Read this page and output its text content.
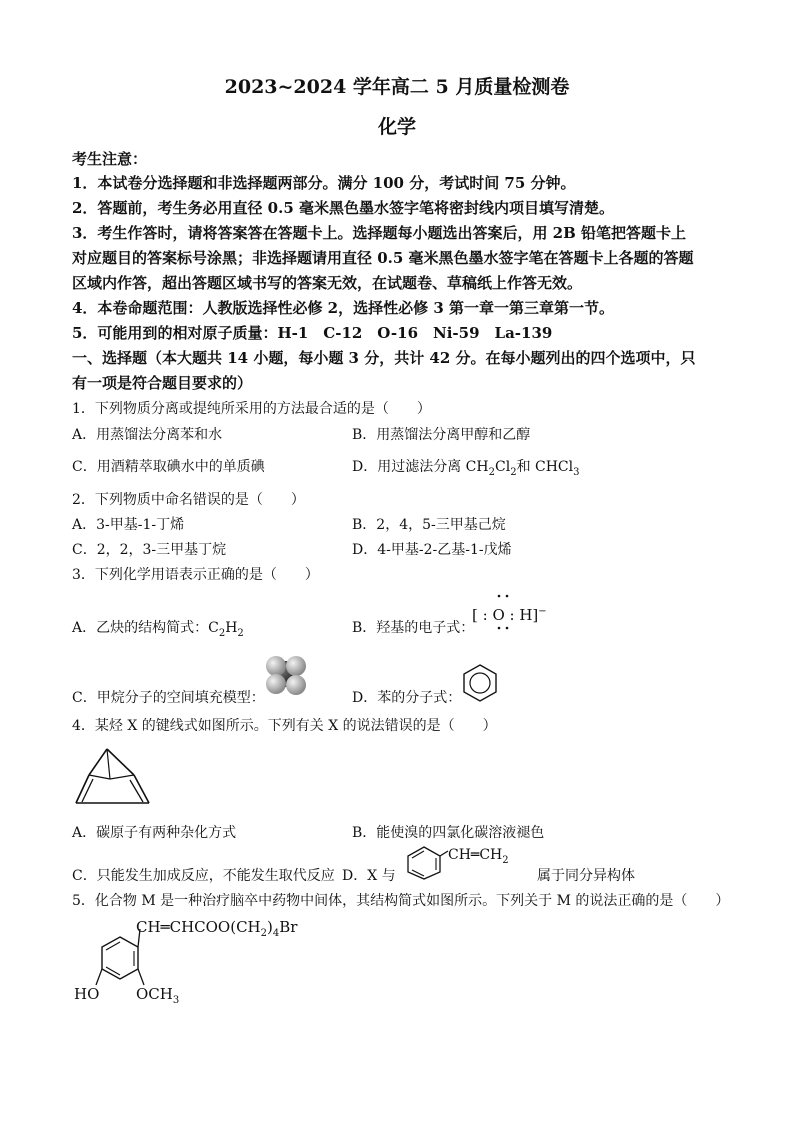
2023~2024 学年高二 5 月质量检测卷
化学
考生注意：
1．本试卷分选择题和非选择题两部分。满分 100 分，考试时间 75 分钟。
2．答题前，考生务必用直径 0.5 毫米黑色墨水签字笔将密封线内项目填写清楚。
3．考生作答时，请将答案答在答题卡上。选择题每小题选出答案后，用 2B 铅笔把答题卡上
对应题目的答案标号涂黑；非选择题请用直径 0.5 毫米黑色墨水签字笔在答题卡上各题的答题
区域内作答，超出答题区域书写的答案无效，在试题卷、草稿纸上作答无效。
4．本卷命题范围：人教版选择性必修 2，选择性必修 3 第一章一第三章第一节。
5．可能用到的相对原子质量：H-1　C-12　O-16　Ni-59　La-139
一、选择题（本大题共 14 小题，每小题 3 分，共计 42 分。在每小题列出的四个选项中，只
有一项是符合题目要求的）
1．下列物质分离或提纯所采用的方法最合适的是（　　）
A．用蒸馏法分离苯和水	B．用蒸馏法分离甲醇和乙醇
C．用酒精萃取碘水中的单质碘	D．用过滤法分离 $CH_2Cl_2$和 CHCl$_3$
2．下列物质中命名错误的是（　　）
A．3-甲基-1-丁烯	B．2，4，5-三甲基己烷
C．2，2，3-三甲基丁烷	D．4-甲基-2-乙基-1-戊烯
3．下列化学用语表示正确的是（　　）
A．乙炔的结构简式：$C_2H_2$	B．羟基的电子式：
[ : O : H]−
C．甲烷分子的空间填充模型：	D．苯的分子式：
4．某烃 X 的键线式如图所示。下列有关 X 的说法错误的是（　　）
A．碳原子有两种杂化方式	B．能使溴的四氯化碳溶液褪色
C．只能发生加成反应，不能发生取代反应 D．X 与
$CH═CH_2$
属于同分异构体
5．化合物 M 是一种治疗脑卒中药物中间体，其结构简式如图所示。下列关于 M 的说法正确的是（　　）
$CH═CHCOO(CH_2)_4Br$
HO $OCH_3$
